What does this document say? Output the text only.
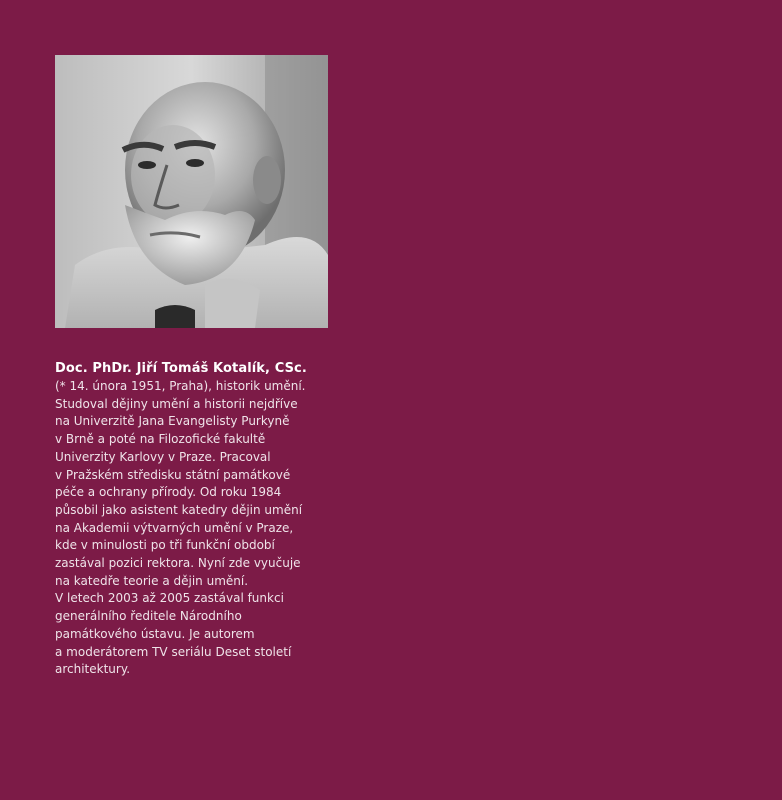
Doc. PhDr. Jiří Tomáš Kotalík, CSc.
(* 14. února 1951, Praha), historik umění.
Studoval dějiny umění a historii nejdříve
na Univerzitě Jana Evangelisty Purkyně
v Brně a poté na Filozofické fakultě
Univerzity Karlovy v Praze. Pracoval
v Pražském středisku státní památkové
péče a ochrany přírody. Od roku 1984
působil jako asistent katedry dějin umění
na Akademii výtvarných umění v Praze,
kde v minulosti po tři funkční období
zastával pozici rektora. Nyní zde vyučuje
na katedře teorie a dějin umění.
V letech 2003 až 2005 zastával funkci
generálního ředitele Národního
památkového ústavu. Je autorem
a moderátorem TV seriálu Deset století
architektury.
